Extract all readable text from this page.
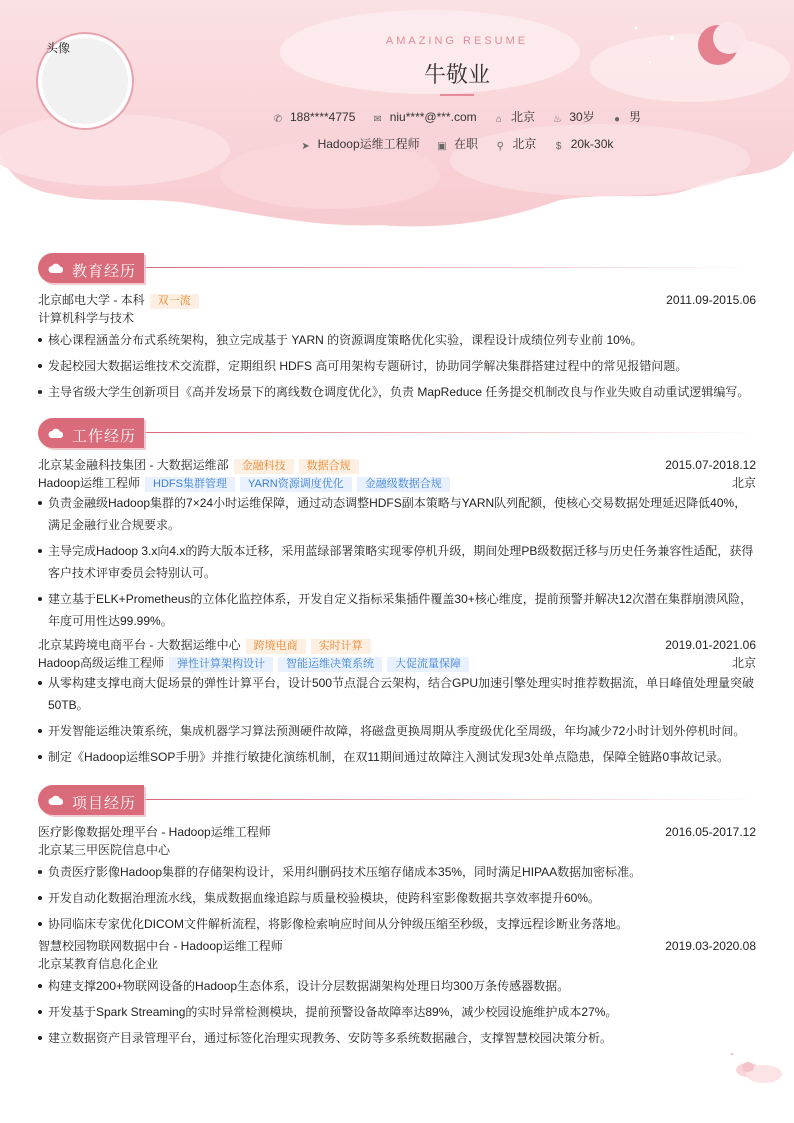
头像	AMAZING RESUME
牛敬业
✆ 188****4775 ✉ niu****@***.com ⌂ 北京 ♨ 30岁 ● 男
➤ Hadoop运维工程师 ▣ 在职 ⚲ 北京 $ 20k-30k
教育经历
北京邮电大学 - 本科 双一流	2011.09-2015.06
计算机科学与技术
核心课程涵盖分布式系统架构，独立完成基于 YARN 的资源调度策略优化实验，课程设计成绩位列专业前 10%。
发起校园大数据运维技术交流群，定期组织 HDFS 高可用架构专题研讨，协助同学解决集群搭建过程中的常见报错问题。
主导省级大学生创新项目《高并发场景下的离线数仓调度优化》，负责 MapReduce 任务提交机制改良与作业失败自动重试逻辑编写。
工作经历
北京某金融科技集团 - 大数据运维部 金融科技 数据合规	2015.07-2018.12
Hadoop运维工程师 HDFS集群管理 YARN资源调度优化 金融级数据合规	北京
负责金融级Hadoop集群的7×24小时运维保障，通过动态调整HDFS副本策略与YARN队列配额，使核心交易数据处理延迟降低40%，满足金融行业合规要求。
主导完成Hadoop 3.x向4.x的跨大版本迁移，采用蓝绿部署策略实现零停机升级，期间处理PB级数据迁移与历史任务兼容性适配，获得客户技术评审委员会特别认可。
建立基于ELK+Prometheus的立体化监控体系，开发自定义指标采集插件覆盖30+核心维度，提前预警并解决12次潜在集群崩溃风险，年度可用性达99.99%。
北京某跨境电商平台 - 大数据运维中心 跨境电商 实时计算	2019.01-2021.06
Hadoop高级运维工程师 弹性计算架构设计 智能运维决策系统 大促流量保障	北京
从零构建支撑电商大促场景的弹性计算平台，设计500节点混合云架构，结合GPU加速引擎处理实时推荐数据流，单日峰值处理量突破50TB。
开发智能运维决策系统，集成机器学习算法预测硬件故障，将磁盘更换周期从季度级优化至周级，年均减少72小时计划外停机时间。
制定《Hadoop运维SOP手册》并推行敏捷化演练机制，在双11期间通过故障注入测试发现3处单点隐患，保障全链路0事故记录。
项目经历
医疗影像数据处理平台 - Hadoop运维工程师	2016.05-2017.12
北京某三甲医院信息中心
负责医疗影像Hadoop集群的存储架构设计，采用纠删码技术压缩存储成本35%，同时满足HIPAA数据加密标准。
开发自动化数据治理流水线，集成数据血缘追踪与质量校验模块，使跨科室影像数据共享效率提升60%。
协同临床专家优化DICOM文件解析流程，将影像检索响应时间从分钟级压缩至秒级，支撑远程诊断业务落地。
智慧校园物联网数据中台 - Hadoop运维工程师	2019.03-2020.08
北京某教育信息化企业
构建支撑200+物联网设备的Hadoop生态体系，设计分层数据湖架构处理日均300万条传感器数据。
开发基于Spark Streaming的实时异常检测模块，提前预警设备故障率达89%，减少校园设施维护成本27%。
建立数据资产目录管理平台，通过标签化治理实现教务、安防等多系统数据融合，支撑智慧校园决策分析。
